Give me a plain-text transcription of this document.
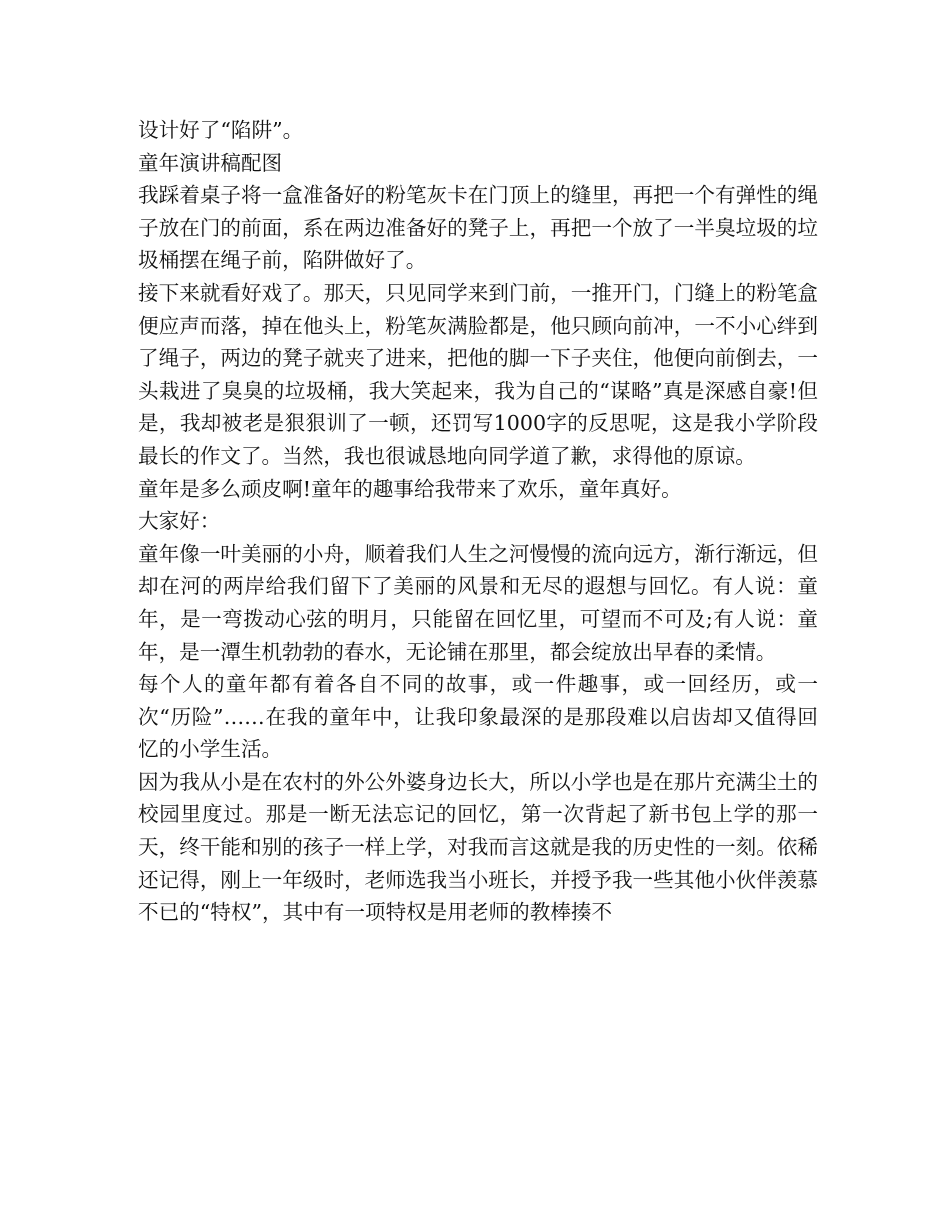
设计好了“陷阱”。

童年演讲稿配图

我踩着桌子将一盒准备好的粉笔灰卡在门顶上的缝里，再把一个有弹性的绳子放在门的前面，系在两边准备好的凳子上，再把一个放了一半臭垃圾的垃圾桶摆在绳子前，陷阱做好了。

接下来就看好戏了。那天，只见同学来到门前，一推开门，门缝上的粉笔盒便应声而落，掉在他头上，粉笔灰满脸都是，他只顾向前冲，一不小心绊到了绳子，两边的凳子就夹了进来，把他的脚一下子夹住，他便向前倒去，一头栽进了臭臭的垃圾桶，我大笑起来，我为自己的“谋略”真是深感自豪!但是，我却被老是狠狠训了一顿，还罚写1000字的反思呢，这是我小学阶段最长的作文了。当然，我也很诚恳地向同学道了歉，求得他的原谅。

童年是多么顽皮啊!童年的趣事给我带来了欢乐，童年真好。

大家好：

童年像一叶美丽的小舟，顺着我们人生之河慢慢的流向远方，渐行渐远，但却在河的两岸给我们留下了美丽的风景和无尽的遐想与回忆。有人说：童年，是一弯拨动心弦的明月，只能留在回忆里，可望而不可及;有人说：童年，是一潭生机勃勃的春水，无论铺在那里，都会绽放出早春的柔情。

每个人的童年都有着各自不同的故事，或一件趣事，或一回经历，或一次“历险”……在我的童年中，让我印象最深的是那段难以启齿却又值得回忆的小学生活。

因为我从小是在农村的外公外婆身边长大，所以小学也是在那片充满尘土的校园里度过。那是一断无法忘记的回忆，第一次背起了新书包上学的那一天，终干能和别的孩子一样上学，对我而言这就是我的历史性的一刻。依稀还记得，刚上一年级时，老师选我当小班长，并授予我一些其他小伙伴羡慕不已的“特权”，其中有一项特权是用老师的教棒揍不
